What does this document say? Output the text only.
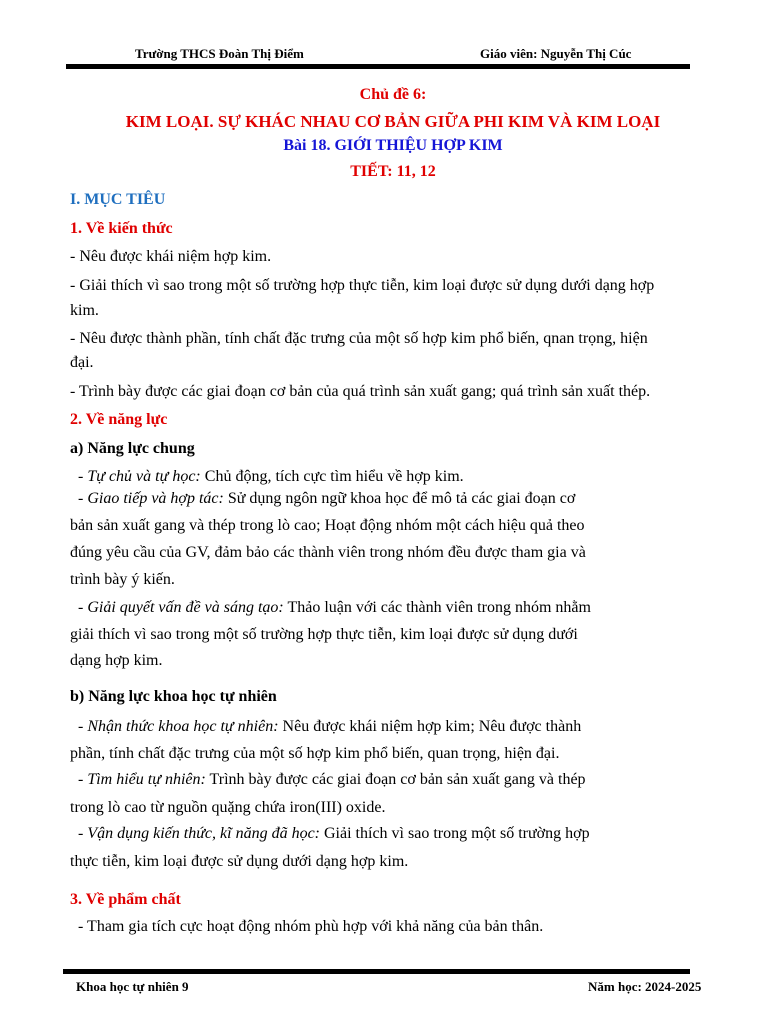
Trường THCS Đoàn Thị Điểm	Giáo viên: Nguyễn Thị Cúc
Chủ đề 6:
KIM LOẠI. SỰ KHÁC NHAU CƠ BẢN GIỮA PHI KIM VÀ KIM LOẠI
Bài 18. GIỚI THIỆU HỢP KIM
TIẾT: 11, 12
I. MỤC TIÊU
1. Về kiến thức
- Nêu được khái niệm hợp kim.
- Giải thích vì sao trong một số trường hợp thực tiễn, kim loại được sử dụng dưới dạng hợp
kim.
- Nêu được thành phần, tính chất đặc trưng của một số hợp kim phổ biến, qnan trọng, hiện
đại.
- Trình bày được các giai đoạn cơ bản của quá trình sản xuất gang; quá trình sản xuất thép.
2. Về năng lực
a) Năng lực chung
- Tự chủ và tự học: Chủ động, tích cực tìm hiểu về hợp kim.
- Giao tiếp và hợp tác: Sử dụng ngôn ngữ khoa học để mô tả các giai đoạn cơ
bản sản xuất gang và thép trong lò cao; Hoạt động nhóm một cách hiệu quả theo
đúng yêu cầu của GV, đảm bảo các thành viên trong nhóm đều được tham gia và
trình bày ý kiến.
- Giải quyết vấn đề và sáng tạo: Thảo luận với các thành viên trong nhóm nhằm
giải thích vì sao trong một số trường hợp thực tiễn, kim loại được sử dụng dưới
dạng hợp kim.
b) Năng lực khoa học tự nhiên
- Nhận thức khoa học tự nhiên: Nêu được khái niệm hợp kim; Nêu được thành
phần, tính chất đặc trưng của một số hợp kim phổ biến, quan trọng, hiện đại.
- Tìm hiểu tự nhiên: Trình bày được các giai đoạn cơ bản sản xuất gang và thép
trong lò cao từ nguồn quặng chứa iron(III) oxide.
- Vận dụng kiến thức, kĩ năng đã học: Giải thích vì sao trong một số trường hợp
thực tiễn, kim loại được sử dụng dưới dạng hợp kim.
3. Về phẩm chất
- Tham gia tích cực hoạt động nhóm phù hợp với khả năng của bản thân.
Khoa học tự nhiên 9	Năm học: 2024-2025
